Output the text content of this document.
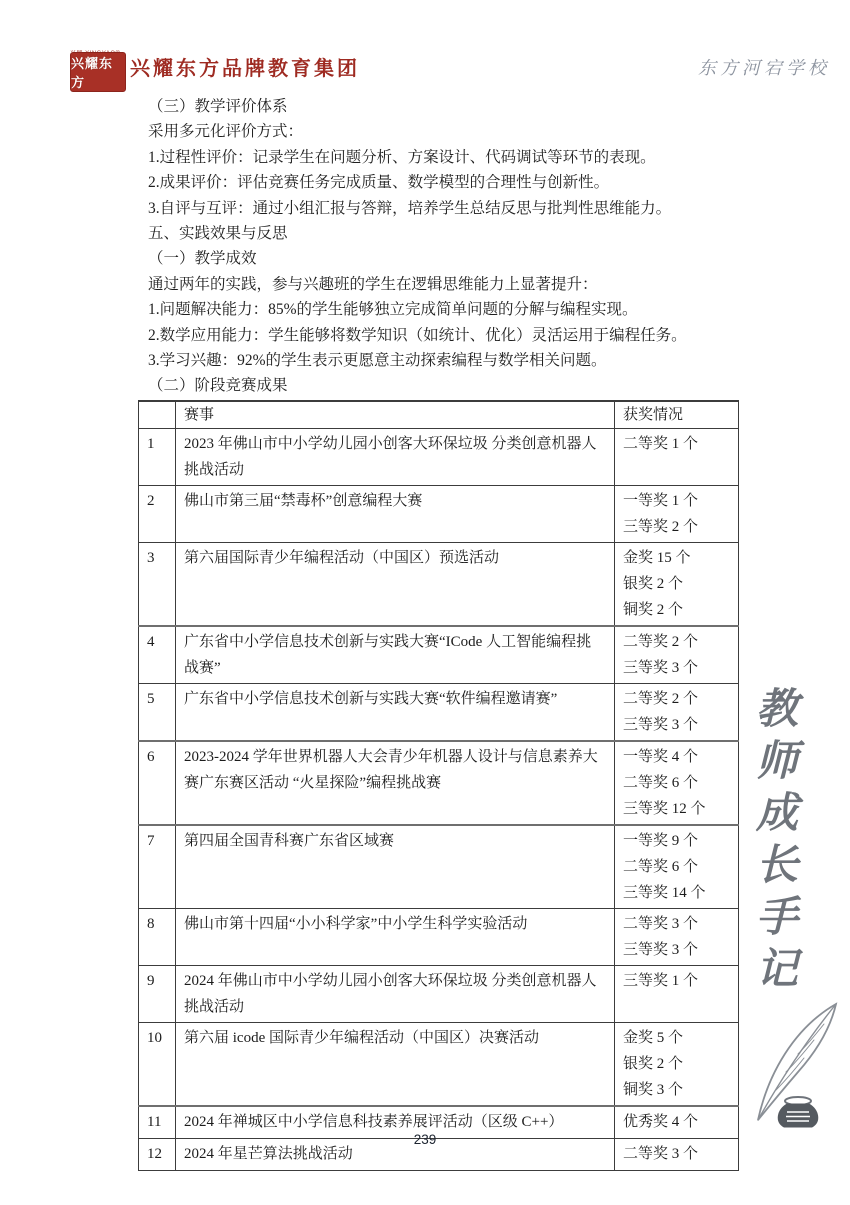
兴耀东方
兴耀东方品牌教育集团	东方河宕学校
（三）教学评价体系
采用多元化评价方式：
1.过程性评价：记录学生在问题分析、方案设计、代码调试等环节的表现。
2.成果评价：评估竞赛任务完成质量、数学模型的合理性与创新性。
3.自评与互评：通过小组汇报与答辩，培养学生总结反思与批判性思维能力。
五、实践效果与反思
（一）教学成效
通过两年的实践，参与兴趣班的学生在逻辑思维能力上显著提升：
1.问题解决能力：85%的学生能够独立完成简单问题的分解与编程实现。
2.数学应用能力：学生能够将数学知识（如统计、优化）灵活运用于编程任务。
3.学习兴趣：92%的学生表示更愿意主动探索编程与数学相关问题。
（二）阶段竞赛成果
	赛事	获奖情况
1	2023 年佛山市中小学幼儿园小创客大环保垃圾 分类创意机器人挑战活动	二等奖 1 个

2	佛山市第三届“禁毒杯”创意编程大赛	一等奖 1 个
三等奖 2 个

3	第六届国际青少年编程活动（中国区）预选活动	金奖 15 个
银奖 2 个
铜奖 2 个

4	广东省中小学信息技术创新与实践大赛“ICode 人工智能编程挑战赛”	二等奖 2 个
三等奖 3 个

5	广东省中小学信息技术创新与实践大赛“软件编程邀请赛”	二等奖 2 个
三等奖 3 个

6	2023-2024 学年世界机器人大会青少年机器人设计与信息素养大赛广东赛区活动 “火星探险”编程挑战赛	一等奖 4 个
二等奖 6 个
三等奖 12 个

7	第四届全国青科赛广东省区域赛	一等奖 9 个
二等奖 6 个
三等奖 14 个

8	佛山市第十四届“小小科学家”中小学生科学实验活动	二等奖 3 个
三等奖 3 个

9	2024 年佛山市中小学幼儿园小创客大环保垃圾 分类创意机器人挑战活动	三等奖 1 个

10	第六届 icode 国际青少年编程活动（中国区）决赛活动	金奖 5 个
银奖 2 个
铜奖 3 个

11	2024 年禅城区中小学信息科技素养展评活动（区级 C++）	优秀奖 4 个

12	2024 年星芒算法挑战活动	二等奖 3 个
教师成长手记
239
